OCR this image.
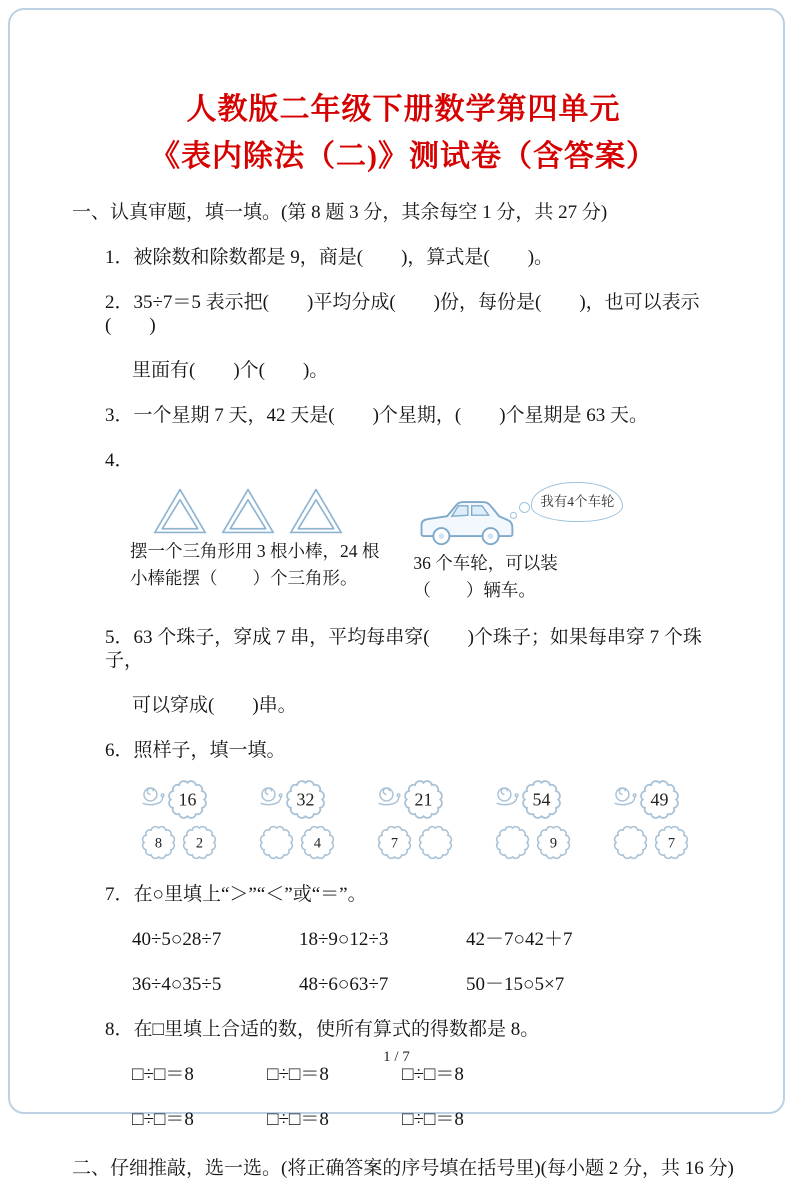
人教版二年级下册数学第四单元
《表内除法（二)》测试卷（含答案）
一、认真审题，填一填。(第 8 题 3 分，其余每空 1 分，共 27 分)
1．被除数和除数都是 9，商是(　　)，算式是(　　)。
2．35÷7＝5 表示把(　　)平均分成(　　)份，每份是(　　)，也可以表示(　　)
里面有(　　)个(　　)。
3．一个星期 7 天，42 天是(　　)个星期，(　　)个星期是 63 天。
4．
摆一个三角形用 3 根小棒，24 根
小棒能摆（　　）个三角形。
我有4个车轮
36 个车轮，可以装
（　　）辆车。
5．63 个珠子，穿成 7 串，平均每串穿(　　)个珠子；如果每串穿 7 个珠子，
可以穿成(　　)串。
6．照样子，填一填。
16
8 2
32
4
21
7
54
9
49
7
7．在○里填上“＞”“＜”或“＝”。
40÷5○28÷7	18÷9○12÷3	42－7○42＋7
36÷4○35÷5	48÷6○63÷7	50－15○5×7
8．在□里填上合适的数，使所有算式的得数都是 8。
□÷□＝8	□÷□＝8	□÷□＝8
□÷□＝8	□÷□＝8	□÷□＝8
二、仔细推敲，选一选。(将正确答案的序号填在括号里)(每小题 2 分，共 16 分)
1 / 7
